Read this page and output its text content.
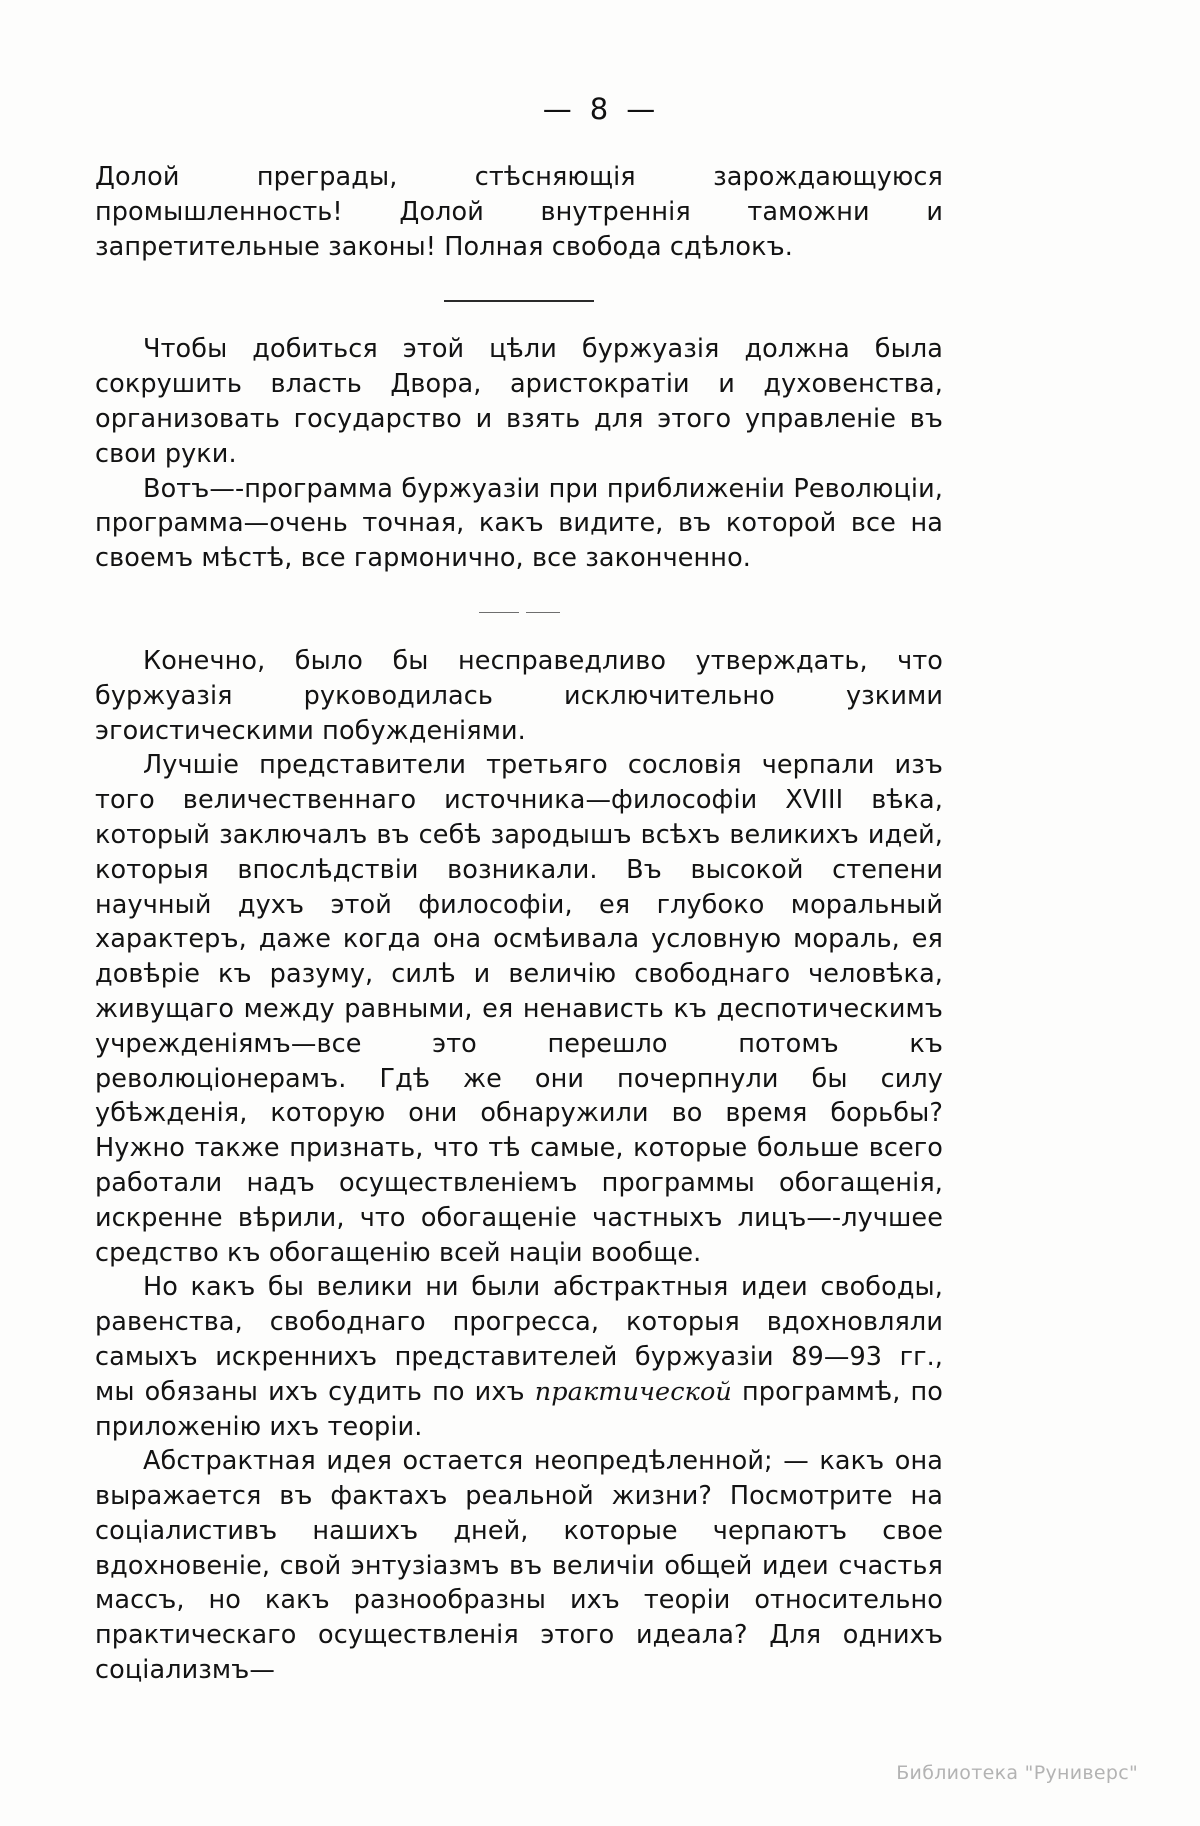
— 8 —

Долой преграды, стѣсняющія зарождающуюся промышленность! Долой внутреннія таможни и запретительные законы! Полная свобода сдѣлокъ.

Чтобы добиться этой цѣли буржуазія должна была сокрушить власть Двора, аристократіи и духовенства, организовать государство и взять для этого управленіе въ свои руки.

Вотъ—-программа буржуазіи при приближеніи Революціи, программа—очень точная, какъ видите, въ которой все на своемъ мѣстѣ, все гармонично, все законченно.

Конечно, было бы несправедливо утверждать, что буржуазія руководилась исключительно узкими эгоистическими побужденіями.

Лучшіе представители третьяго сословія черпали изъ того величественнаго источника—философіи XVIII вѣка, который заключалъ въ себѣ зародышъ всѣхъ великихъ идей, которыя впослѣдствіи возникали. Въ высокой степени научный духъ этой философіи, ея глубоко моральный характеръ, даже когда она осмѣивала условную мораль, ея довѣріе къ разуму, силѣ и величію свободнаго человѣка, живущаго между равными, ея ненависть къ деспотическимъ учрежденіямъ—все это перешло потомъ къ революціонерамъ. Гдѣ же они почерпнули бы силу убѣжденія, которую они обнаружили во время борьбы? Нужно также признать, что тѣ самые, которые больше всего работали надъ осуществленіемъ программы обогащенія, искренне вѣрили, что обогащеніе частныхъ лицъ—-лучшее средство къ обогащенію всей націи вообще.

Но какъ бы велики ни были абстрактныя идеи свободы, равенства, свободнаго прогресса, которыя вдохновляли самыхъ искреннихъ представителей буржуазіи 89—93 гг., мы обязаны ихъ судить по ихъ практической программѣ, по приложенію ихъ теоріи.

Абстрактная идея остается неопредѣленной; — какъ она выражается въ фактахъ реальной жизни? Посмотрите на соціалистивъ нашихъ дней, которые черпаютъ свое вдохновеніе, свой энтузіазмъ въ величіи общей идеи счастья массъ, но какъ разнообразны ихъ теоріи относительно практическаго осуществленія этого идеала? Для однихъ соціализмъ—

Библиотека "Руниверс"
